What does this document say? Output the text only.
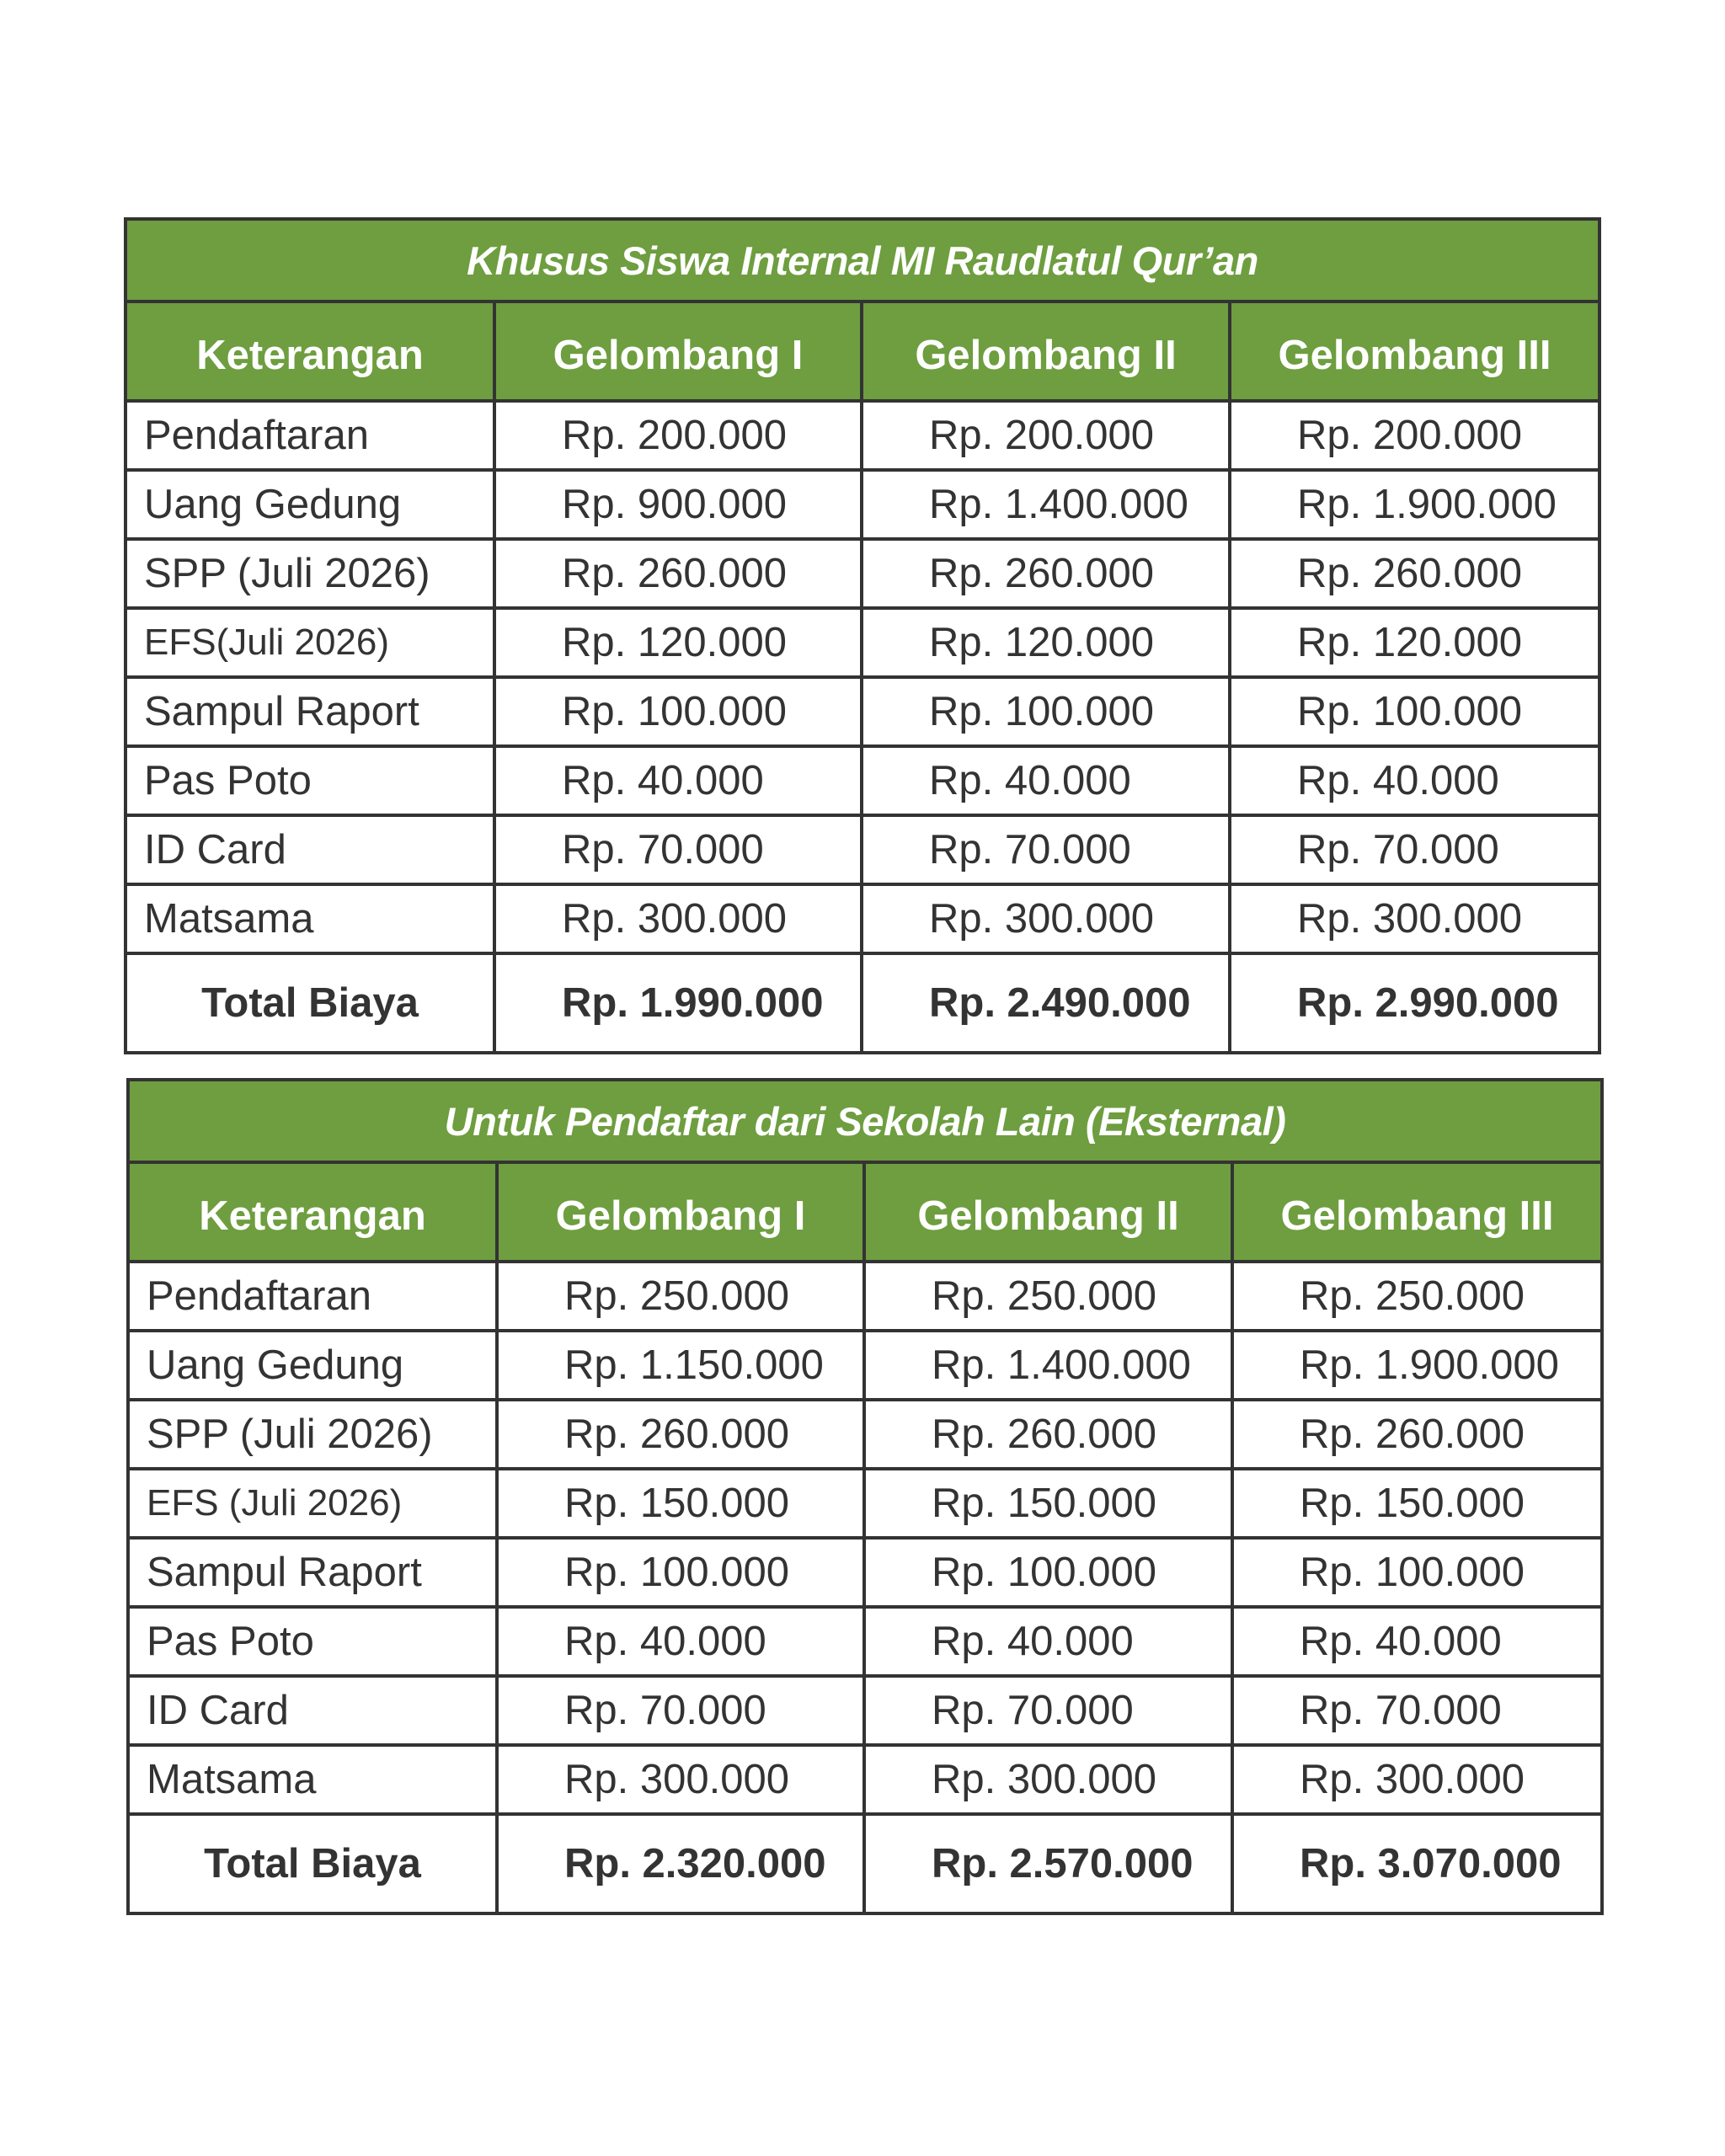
Khusus Siswa Internal MI Raudlatul Qur’an			
Keterangan	Gelombang I	Gelombang II	Gelombang III
Pendaftaran	Rp. 200.000	Rp. 200.000	Rp. 200.000
Uang Gedung	Rp. 900.000	Rp. 1.400.000	Rp. 1.900.000
SPP (Juli 2026)	Rp. 260.000	Rp. 260.000	Rp. 260.000
EFS(Juli 2026)	Rp. 120.000	Rp. 120.000	Rp. 120.000
Sampul Raport	Rp. 100.000	Rp. 100.000	Rp. 100.000
Pas Poto	Rp. 40.000	Rp. 40.000	Rp. 40.000
ID Card	Rp. 70.000	Rp. 70.000	Rp. 70.000
Matsama	Rp. 300.000	Rp. 300.000	Rp. 300.000
Total Biaya	Rp. 1.990.000	Rp. 2.490.000	Rp. 2.990.000
Untuk Pendaftar dari Sekolah Lain (Eksternal)			
Keterangan	Gelombang I	Gelombang II	Gelombang III
Pendaftaran	Rp. 250.000	Rp. 250.000	Rp. 250.000
Uang Gedung	Rp. 1.150.000	Rp. 1.400.000	Rp. 1.900.000
SPP (Juli 2026)	Rp. 260.000	Rp. 260.000	Rp. 260.000
EFS (Juli 2026)	Rp. 150.000	Rp. 150.000	Rp. 150.000
Sampul Raport	Rp. 100.000	Rp. 100.000	Rp. 100.000
Pas Poto	Rp. 40.000	Rp. 40.000	Rp. 40.000
ID Card	Rp. 70.000	Rp. 70.000	Rp. 70.000
Matsama	Rp. 300.000	Rp. 300.000	Rp. 300.000
Total Biaya	Rp. 2.320.000	Rp. 2.570.000	Rp. 3.070.000
